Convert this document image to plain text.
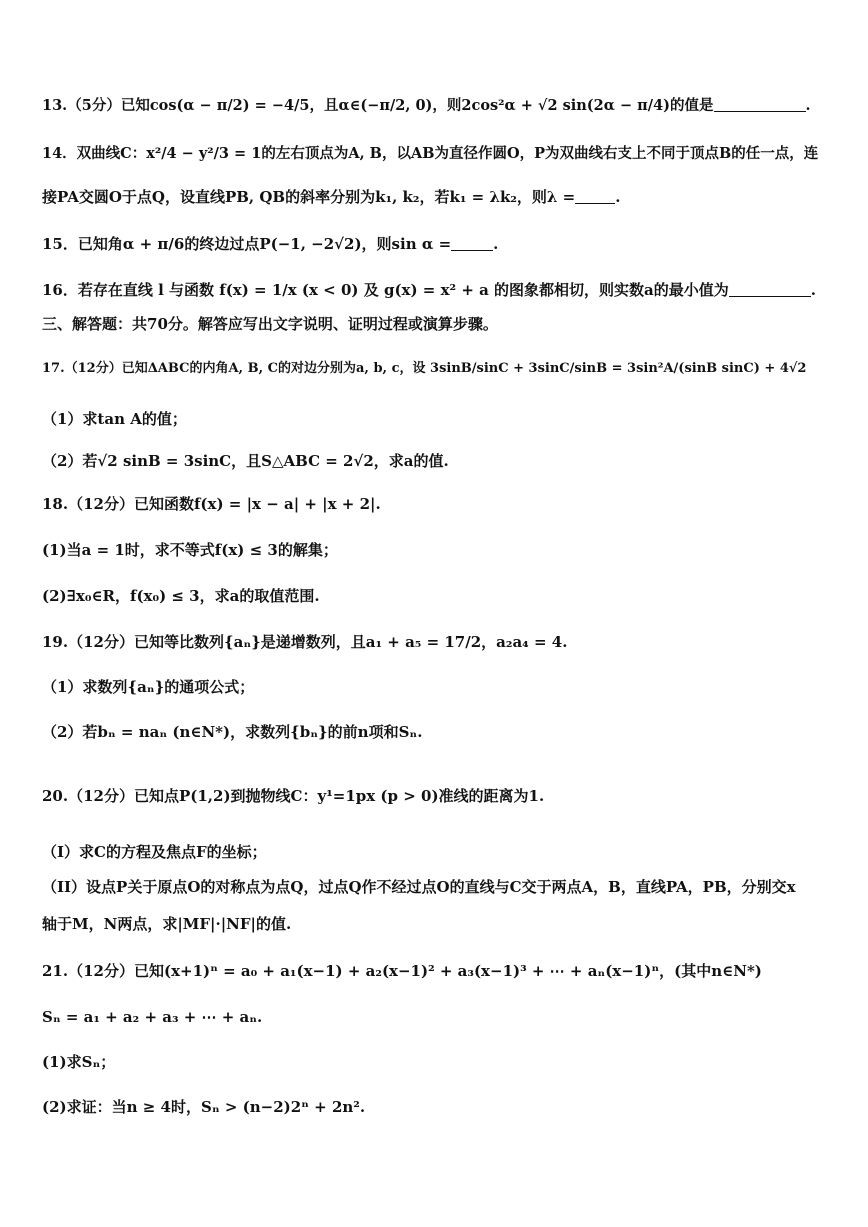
13.（5分）已知cos(α − π/2) = −4/5，且α∈(−π/2, 0)，则2cos²α + √2 sin(2α − π/4)的值是	.
14．双曲线C：x²/4 − y²/3 = 1的左右顶点为A, B，以AB为直径作圆O，P为双曲线右支上不同于顶点B的任一点，连
接PA交圆O于点Q，设直线PB, QB的斜率分别为k₁, k₂，若k₁ = λk₂，则λ =	.
15．已知角α + π/6的终边过点P(−1, −2√2)，则sin α =	.
16．若存在直线 l 与函数 f(x) = 1/x (x < 0) 及 g(x) = x² + a 的图象都相切，则实数a的最小值为	.
三、解答题：共70分。解答应写出文字说明、证明过程或演算步骤。
17.（12分）已知ΔABC的内角A, B, C的对边分别为a, b, c，设 3sinB/sinC + 3sinC/sinB = 3sin²A/(sinB sinC) + 4√2
（1）求tan A的值；
（2）若√2 sinB = 3sinC，且S△ABC = 2√2，求a的值.
18.（12分）已知函数f(x) = |x − a| + |x + 2|.
(1)当a = 1时，求不等式f(x) ≤ 3的解集；
(2)∃x₀∈R，f(x₀) ≤ 3，求a的取值范围.
19.（12分）已知等比数列{aₙ}是递增数列，且a₁ + a₅ = 17/2，a₂a₄ = 4.
（1）求数列{aₙ}的通项公式；
（2）若bₙ = naₙ (n∈N*)，求数列{bₙ}的前n项和Sₙ.
20.（12分）已知点P(1,2)到抛物线C：y¹=1px (p > 0)准线的距离为1.
（I）求C的方程及焦点F的坐标；
（II）设点P关于原点O的对称点为点Q，过点Q作不经过点O的直线与C交于两点A，B，直线PA，PB，分别交x
轴于M，N两点，求|MF|·|NF|的值.
21.（12分）已知(x+1)ⁿ = a₀ + a₁(x−1) + a₂(x−1)² + a₃(x−1)³ + ⋯ + aₙ(x−1)ⁿ，(其中n∈N*)
Sₙ = a₁ + a₂ + a₃ + ⋯ + aₙ.
(1)求Sₙ；
(2)求证：当n ≥ 4时，Sₙ > (n−2)2ⁿ + 2n².
